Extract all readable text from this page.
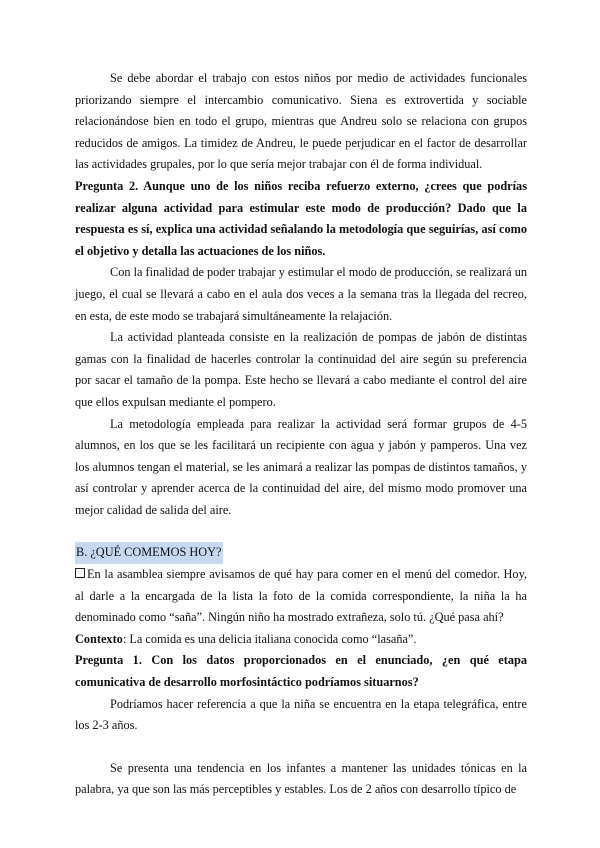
Se debe abordar el trabajo con estos niños por medio de actividades funcionales priorizando siempre el intercambio comunicativo. Siena es extrovertida y sociable relacionándose bien en todo el grupo, mientras que Andreu solo se relaciona con grupos reducidos de amigos. La timidez de Andreu, le puede perjudicar en el factor de desarrollar las actividades grupales, por lo que sería mejor trabajar con él de forma individual.

Pregunta 2. Aunque uno de los niños reciba refuerzo externo, ¿crees que podrías realizar alguna actividad para estimular este modo de producción? Dado que la respuesta es sí, explica una actividad señalando la metodología que seguirías, así como el objetivo y detalla las actuaciones de los niños.

Con la finalidad de poder trabajar y estimular el modo de producción, se realizará un juego, el cual se llevará a cabo en el aula dos veces a la semana tras la llegada del recreo, en esta, de este modo se trabajará simultáneamente la relajación.

La actividad planteada consiste en la realización de pompas de jabón de distintas gamas con la finalidad de hacerles controlar la continuidad del aire según su preferencia por sacar el tamaño de la pompa. Este hecho se llevará a cabo mediante el control del aire que ellos expulsan mediante el pompero.

La metodología empleada para realizar la actividad será formar grupos de 4-5 alumnos, en los que se les facilitará un recipiente con agua y jabón y pamperos. Una vez los alumnos tengan el material, se les animará a realizar las pompas de distintos tamaños, y así controlar y aprender acerca de la continuidad del aire, del mismo modo promover una mejor calidad de salida del aire.

B. ¿QUÉ COMEMOS HOY?

En la asamblea siempre avisamos de qué hay para comer en el menú del comedor. Hoy, al darle a la encargada de la lista la foto de la comida correspondiente, la niña la ha denominado como “saña”. Ningún niño ha mostrado extrañeza, solo tú. ¿Qué pasa ahí?

Contexto: La comida es una delicia italiana conocida como “lasaña”.

Pregunta 1. Con los datos proporcionados en el enunciado, ¿en qué etapa comunicativa de desarrollo morfosintáctico podríamos situarnos?

Podríamos hacer referencia a que la niña se encuentra en la etapa telegráfica, entre los 2-3 años.

Se presenta una tendencia en los infantes a mantener las unidades tónicas en la palabra, ya que son las más perceptibles y estables. Los de 2 años con desarrollo típico de
